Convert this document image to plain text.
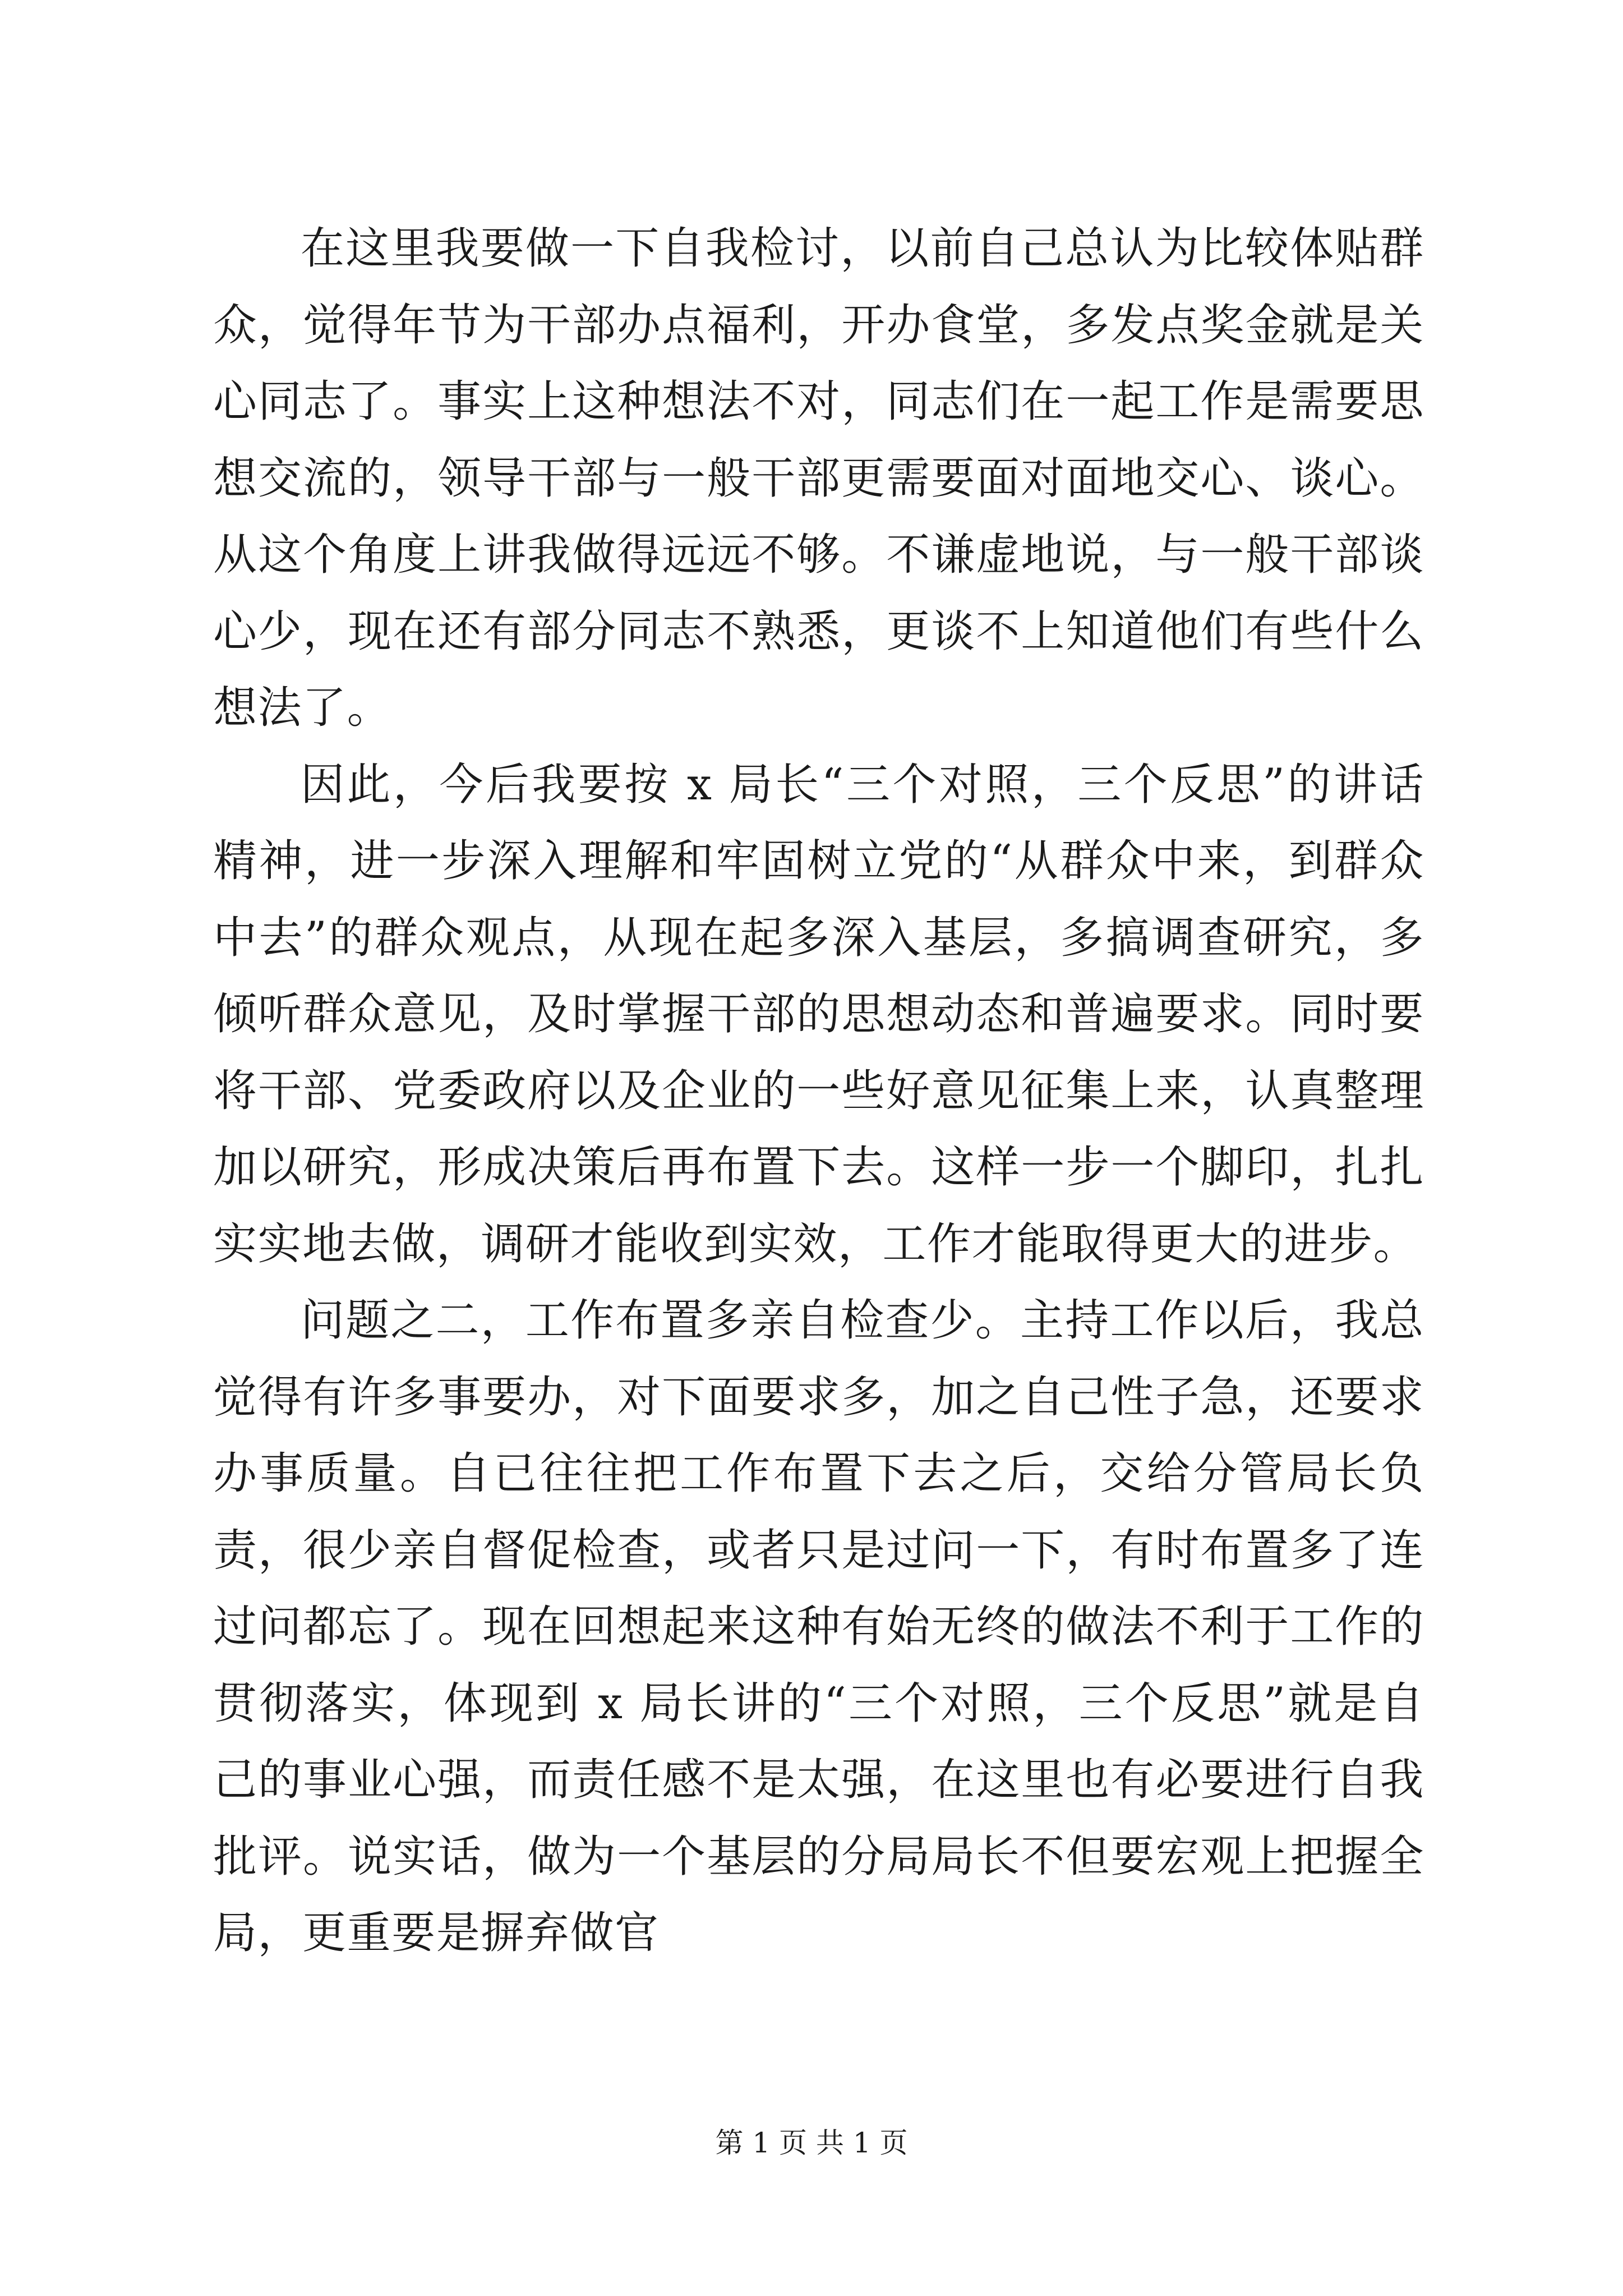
在这里我要做一下自我检讨，以前自己总认为比较体贴群众，觉得年节为干部办点福利，开办食堂，多发点奖金就是关心同志了。事实上这种想法不对，同志们在一起工作是需要思想交流的，领导干部与一般干部更需要面对面地交心、谈心。从这个角度上讲我做得远远不够。不谦虚地说，与一般干部谈心少，现在还有部分同志不熟悉，更谈不上知道他们有些什么想法了。

因此，今后我要按 x 局长“三个对照，三个反思”的讲话精神，进一步深入理解和牢固树立党的“从群众中来，到群众中去”的群众观点，从现在起多深入基层，多搞调查研究，多倾听群众意见，及时掌握干部的思想动态和普遍要求。同时要将干部、党委政府以及企业的一些好意见征集上来，认真整理加以研究，形成决策后再布置下去。这样一步一个脚印，扎扎实实地去做，调研才能收到实效，工作才能取得更大的进步。

问题之二，工作布置多亲自检查少。主持工作以后，我总觉得有许多事要办，对下面要求多，加之自己性子急，还要求办事质量。自已往往把工作布置下去之后，交给分管局长负责，很少亲自督促检查，或者只是过问一下，有时布置多了连过问都忘了。现在回想起来这种有始无终的做法不利于工作的贯彻落实，体现到 x 局长讲的“三个对照，三个反思”就是自己的事业心强，而责任感不是太强，在这里也有必要进行自我批评。说实话，做为一个基层的分局局长不但要宏观上把握全局，更重要是摒弃做官

第 1 页 共 1 页
